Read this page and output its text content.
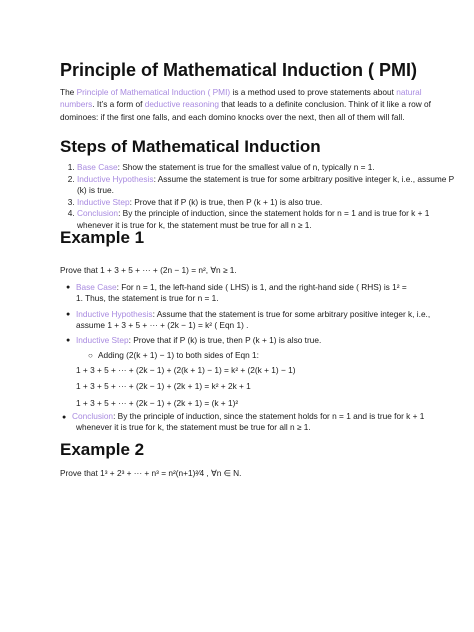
Principle of Mathematical Induction ( PMI)

The Principle of Mathematical Induction ( PMI) is a method used to prove statements about natural numbers. It’s a form of deductive reasoning that leads to a definite conclusion. Think of it like a row of dominoes: if the first one falls, and each domino knocks over the next, then all of them will fall.

Steps of Mathematical Induction
1. Base Case: Show the statement is true for the smallest value of n, typically n = 1.
2. Inductive Hypothesis: Assume the statement is true for some arbitrary positive integer k, i.e., assume P (k) is true.
3. Inductive Step: Prove that if P (k) is true, then P (k + 1) is also true.
4. Conclusion: By the principle of induction, since the statement holds for n = 1 and is true for k + 1 whenever it is true for k, the statement must be true for all n ≥ 1.
Example 1
Prove that 1 + 3 + 5 + ··· + (2n − 1) = n², ∀n ≥ 1.
● Base Case: For n = 1, the left-hand side ( LHS) is 1, and the right-hand side ( RHS) is 1² =
1. Thus, the statement is true for n = 1.
● Inductive Hypothesis: Assume that the statement is true for some arbitrary positive integer k, i.e.,
assume 1 + 3 + 5 + ··· + (2k − 1) = k² ( Eqn 1) .
● Inductive Step: Prove that if P (k) is true, then P (k + 1) is also true.
○ Adding (2(k + 1) − 1) to both sides of Eqn 1:
1 + 3 + 5 + ··· + (2k − 1) + (2(k + 1) − 1) = k² + (2(k + 1) − 1)
1 + 3 + 5 + ··· + (2k − 1) + (2k + 1) = k² + 2k + 1
1 + 3 + 5 + ··· + (2k − 1) + (2k + 1) = (k + 1)²
● Conclusion: By the principle of induction, since the statement holds for n = 1 and is true for k + 1
whenever it is true for k, the statement must be true for all n ≥ 1.
Example 2
Prove that 1³ + 2³ + ··· + n³ = n²(n+1)²⁄4 , ∀n ∈ N.
